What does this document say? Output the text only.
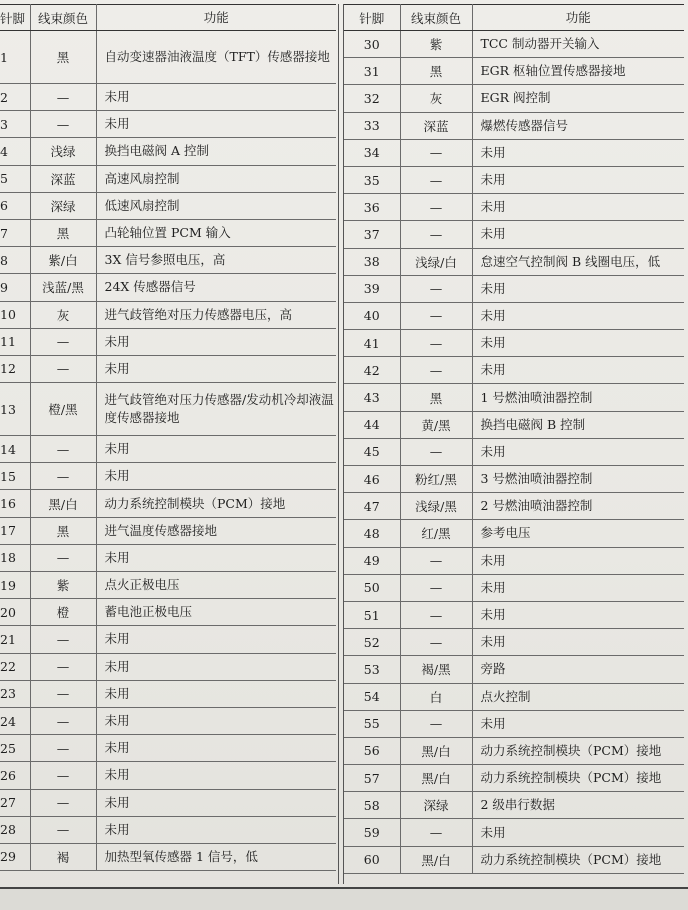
针脚	线束颜色	功能
1	黑	自动变速器油液温度（TFT）传感器接地
2	—	未用
3	—	未用
4	浅绿	换挡电磁阀 A 控制
5	深蓝	高速风扇控制
6	深绿	低速风扇控制
7	黑	凸轮轴位置 PCM 输入
8	紫/白	3X 信号参照电压，高
9	浅蓝/黑	24X 传感器信号
10	灰	进气歧管绝对压力传感器电压，高
11	—	未用
12	—	未用
13	橙/黑	进气歧管绝对压力传感器/发动机冷却液温度传感器接地
14	—	未用
15	—	未用
16	黑/白	动力系统控制模块（PCM）接地
17	黑	进气温度传感器接地
18	—	未用
19	紫	点火正极电压
20	橙	蓄电池正极电压
21	—	未用
22	—	未用
23	—	未用
24	—	未用
25	—	未用
26	—	未用
27	—	未用
28	—	未用
29	褐	加热型氧传感器 1 信号，低
针脚	线束颜色	功能
30	紫	TCC 制动器开关输入
31	黑	EGR 枢轴位置传感器接地
32	灰	EGR 阀控制
33	深蓝	爆燃传感器信号
34	—	未用
35	—	未用
36	—	未用
37	—	未用
38	浅绿/白	怠速空气控制阀 B 线圈电压，低
39	—	未用
40	—	未用
41	—	未用
42	—	未用
43	黑	1 号燃油喷油器控制
44	黄/黑	换挡电磁阀 B 控制
45	—	未用
46	粉红/黑	3 号燃油喷油器控制
47	浅绿/黑	2 号燃油喷油器控制
48	红/黑	参考电压
49	—	未用
50	—	未用
51	—	未用
52	—	未用
53	褐/黑	旁路
54	白	点火控制
55	—	未用
56	黑/白	动力系统控制模块（PCM）接地
57	黑/白	动力系统控制模块（PCM）接地
58	深绿	2 级串行数据
59	—	未用
60	黑/白	动力系统控制模块（PCM）接地
